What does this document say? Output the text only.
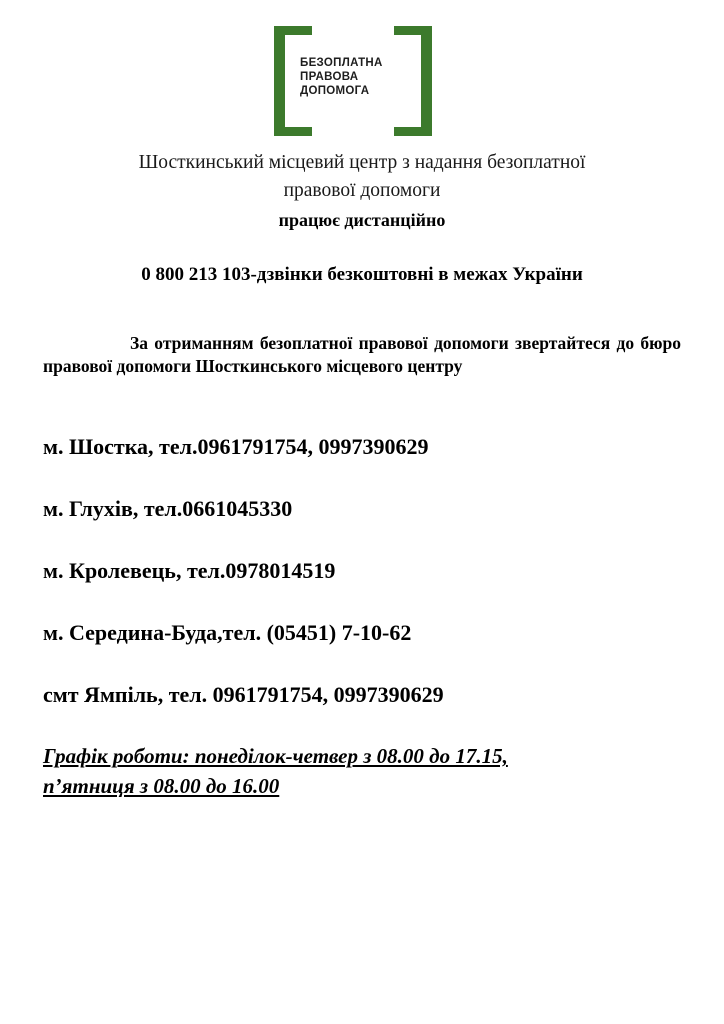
БЕЗОПЛАТНА
ПРАВОВА
ДОПОМОГА
Шосткинський місцевий центр з надання безоплатної
правової допомоги
працює дистанційно
0 800 213 103-дзвінки безкоштовні в межах України
За отриманням безоплатної правової допомоги звертайтеся до бюро правової допомоги Шосткинського місцевого центру
м. Шостка, тел.0961791754, 0997390629
м. Глухів, тел.0661045330
м. Кролевець, тел.0978014519
м. Середина-Буда,тел. (05451) 7-10-62
смт Ямпіль, тел. 0961791754, 0997390629
Графік роботи: понеділок-четвер з 08.00 до 17.15,
п’ятниця з 08.00 до 16.00
